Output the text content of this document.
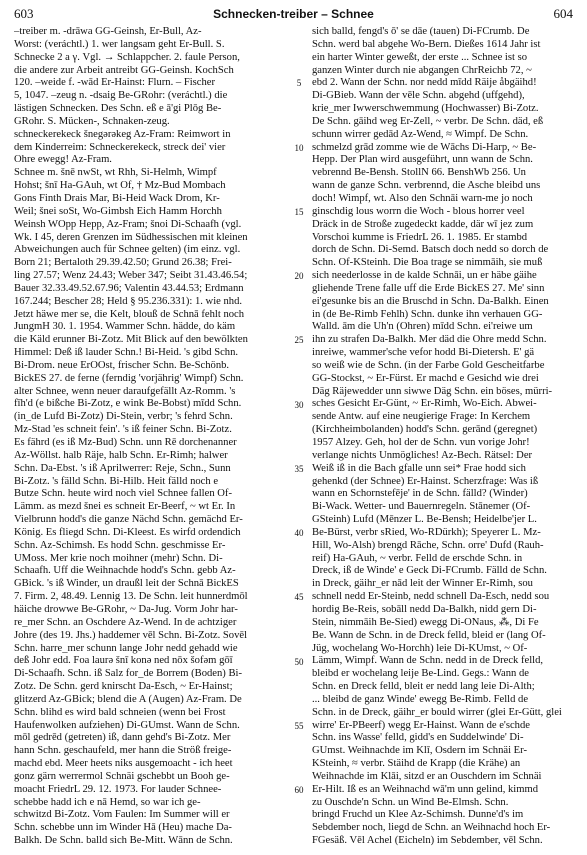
603	Schnecken-treiber – Schnee	604
–treiber m. -drāwa GG-Geinsh, Er-Bull, Az-
Worst: (veráchtl.) 1. wer langsam geht Er-Bull. S.
Schnecke 2 a γ. Vgl. → Schlappcher. 2. faule Person,
die andere zur Arbeit antreibt GG-Geinsh. KochSch
120. –weide f. -wād Er-Hainst: Flurn. – Fischer
5, 1047. –zeug n. -dsaig Be-GRohr: (veráchtl.) die
lästigen Schnecken. Des Schn. eß e ā'gi Plōg Be-
GRohr. S. Mücken-, Schnaken-zeug.
schneckerekeck šnegərəkeg Az-Fram: Reimwort in
dem Kinderreim: Schneckerekeck, streck dei' vier
Ohre eweggǃ Az-Fram.
Schnee m. šnē nwSt, wt Rhh, Si-Helmh, Wimpf
Hohst; šnī Ha-GAuh, wt Of, † Mz-Bud Mombach
Gons Finth Drais Mar, Bi-Heid Wack Drom, Kr-
Weil; šnei soSt, Wo-Gimbsh Eich Hamm Horchh
Weinsh WOpp Hepp, Az-Fram; šnoi Di-Schaafh (vgl.
Wk. I 45, deren Grenzen im Südhessischen mit kleinen
Abweichungen auch für Schnee gelten) (im einz. vgl.
Born 21; Bertaloth 29.39.42.50; Grund 26.38; Frei-
ling 27.57; Wenz 24.43; Weber 347; Seibt 31.43.46.54;
Bauer 32.33.49.52.67.96; Valentin 43.44.53; Erdmann
167.244; Bescher 28; Held § 95.236.331): 1. wie nhd.
Jetzt häwe mer se, die Kelt, blouß de Schnā fehlt noch
JungmH 30. 1. 1954. Wammer Schn. hädde, do käm
die Käld erunner Bi-Zotz. Mit Blick auf den bewölkten
Himmel: Deß iß lauder Schn.! Bi-Heid. 's gibd Schn.
Bi-Drom. neue ErOOst, frischer Schn. Be-Schönb.
BickES 27. de ferne (ferndig 'vorjährig' Wimpf) Schn.
alter Schnee, wenn neuer daraufgefällt Az-Romm. 's
fīh'd (e bißche Bi-Zotz, e wink Be-Bobst) mīdd Schn.
(in_de Lufd Bi-Zotz) Di-Stein, verbr; 's fehrd Schn.
Mz-Stad 'es schneit fein'. 's iß feiner Schn. Bi-Zotz.
Es fährd (es iß Mz-Bud) Schn. unn Rē dorchenanner
Az-Wöllst. halb Räje, halb Schn. Er-Rimh; halwer
Schn. Da-Ebst. 's iß Aprilwerrer: Reje, Schn., Sunn
Bi-Zotz. 's fälld Schn. Bi-Hilb. Heit fälld noch e
Butze Schn. heute wird noch viel Schnee fallen Of-
Lämm. as mezd šnei es schneit Er-Beerf, ~ wt Er. In
Vielbrunn hodd's die ganze Nächd Schn. gemächd Er-
König. Es fliegd Schn. Di-Kleest. Es wirfd ordendich
Schn. Az-Schimsh. Es hodd Schn. geschmisse Er-
UMoss. Mer krie noch moihner (mehr) Schn. Di-
Schaafh. Uff die Weihnachde hodd's Schn. gebb Az-
GBick. 's iß Winder, un draußl leit der Schnā BickES
7. Firm. 2, 48.49. Lennig 13. De Schn. leit hunnerdmōl
häiche drowwe Be-GRohr, ~ Da-Jug. Vorm Johr har-
re_mer Schn. an Oschdere Az-Wend. In de achtziger
Johre (des 19. Jhs.) haddemer vēl Schn. Bi-Zotz. Sovēl
Schn. harre_mer schunn lange Johr nedd gehadd wie
deß Johr edd. Foa laurə šnī konə ned nōx šofəm gōī
Di-Schaafh. Schn. iß Salz for_de Borrem (Boden) Bi-
Zotz. De Schn. gerd knirscht Da-Esch, ~ Er-Hainst;
glitzerd Az-GBick; blend die A (Augen) Az-Fram. De
Schn. blihd es wird bald schneien (wenn bei Frost
Haufenwolken aufziehen) Di-GUmst. Wann de Schn.
mōl gedrēd (getreten) iß, dann gehd's Bi-Zotz. Mer
hann Schn. geschaufeld, mer hann die Ströß freige-
machd ebd. Meer heets niks ausgemoacht - ich heet
gonz gärn werrermol Schnäi gschebbt un Booh ge-
moacht FriedrL 29. 12. 1973. For lauder Schnee-
schebbe hadd ich e nā Hemd, so war ich ge-
schwitzd Bi-Zotz. Vom Faulen: Im Summer will er
Schn. schebbe unn im Winder Hā (Heu) mache Da-
Balkh. De Schn. balld sich Be-Mitt. Wānn de Schn.
5
10
15
20
25
30
35
40
45
50
55
60
sich balld, fengd's ō' se dāe (tauen) Di-FCrumb. De
Schn. werd bal abgehe Wo-Bern. Dießes 1614 Jahr ist
ein harter Winter geweßt, der erste ... Schnee ist so
ganzen Winter durch nie abgangen ChrReichb 72, ~
ebd 2. Wann der Schn. nor nedd mīdd Räije åbgäihd!
Di-GBieb. Wann der vēle Schn. abgehd (uffgehd),
krie_mer Iwwerschwemmung (Hochwasser) Bi-Zotz.
De Schn. gāihd weg Er-Zell, ~ verbr. De Schn. däd, eß
schunn wirrer gedād Az-Wend, ≈ Wimpf. De Schn.
schmelzd grād zomme wie de Wāchs Di-Harp, ~ Be-
Hepp. Der Plan wird ausgeführt, unn wann de Schn.
vebrennd Be-Bensh. StollN 66. BenshWb 256. Un
wann de ganze Schn. verbrennd, die Asche bleibd uns
doch! Wimpf, wt. Also den Schnāi warn-me jo noch
ginschdig lous worrn die Woch - blous horrer veel
Dräck in de Stroße zugedeckt kadde, där wī jez zum
Vorschoi kumme is FriedrL 26. 1. 1985. Er stambd
dorch de Schn. Di-Semd. Batsch doch nedd so dorch de
Schn. Of-KSteinh. Die Boa trage se nimmāih, sie muß
sich neederlosse in de kalde Schnāi, un er häbe gäihe
gliehende Trene falle uff die Erde BickES 27. Me' sinn
ei'gesunke bis an die Bruschd in Schn. Da-Balkh. Einen
in (de Be-Rimb Fehlh) Schn. dunke ihn verhauen GG-
Walld. ām die Uh'n (Ohren) mīdd Schn. ei'reiwe um
ihn zu strafen Da-Balkh. Mer däd die Ohre medd Schn.
inreiwe, wammer'sche vefor hodd Bi-Dietersh. E' gä
so weiß wie de Schn. (in der Farbe Gold Gescheitfarbe
GG-Stockst, ~ Er-Fürst. Er machd e Gesichd wie drei
Däg Räjewedder unn siwwe Däg Schn. ein böses, mürri-
sches Gesicht Er-Günt, ~ Er-Rimh, Wo-Eich. Abwei-
sende Antw. auf eine neugierige Frage: In Kerchem
(Kirchheimbolanden) hodd's Schn. gerānd (geregnet)
1957 Alzey. Geh, hol der de Schn. vun vorige Johr!
verlange nichts Unmögliches! Az-Bech. Rätsel: Der
Weiß iß in die Bach gfalle unn sei* Frae hodd sich
gehenkd (der Schnee) Er-Hainst. Scherzfrage: Was iß
wann en Schornstefēje' in de Schn. fälld? (Winder)
Bi-Wack. Wetter- und Bauernregeln. Stānemer (Of-
GSteinh) Lufd (Mēnzer L. Be-Bensh; Heidelbe'jer L.
Be-Bürst, verbr sRied, Wo-RDürkh); Speyerer L. Mz-
Hill, Wo-Alsh) brengd Rāche, Schn. orre' Dufd (Rauh-
reif) Ha-GAuh, ~ verbr. Felld de erschde Schn. in
Dreck, iß de Winde' e Geck Di-FCrumb. Fälld de Schn.
in Dreck, gäihr_er nād leit der Winner Er-Rimh, sou
schnell nedd Er-Steinb, nedd schnell Da-Esch, nedd sou
hordig Be-Reis, sobāll nedd Da-Balkh, nidd gern Di-
Stein, nimmāih Be-Sied) ewegg Di-ONaus, ⁂, Di Fe
Be. Wann de Schn. in de Dreck felld, bleid er (lang Of-
Jüg, wochelang Wo-Horchh) leie Di-KUmst, ~ Of-
Lämm, Wimpf. Wann de Schn. nedd in de Dreck felld,
bleibd er wochelang leije Be-Lind. Gegs.: Wann de
Schn. en Dreck felld, bleit er nedd lang leie Di-Alth;
... bleibd de ganz Winde' ewegg Be-Rimb. Felld de
Schn. in de Dreck, gäihr_er bould wirrer (glei Er-Gütt, glei
wirre' Er-PBeerf) wegg Er-Hainst. Wann de e'schde
Schn. ins Wasse' felld, gidd's en Suddelwinde' Di-
GUmst. Weihnachde im Klī, Osdern im Schnäi Er-
KSteinh, ≈ verbr. Stäihd de Krapp (die Krähe) an
Weihnachde im Klāi, sitzd er an Ouschdern im Schnäi
Er-Hilt. Iß es an Weihnachd wā'm unn gelind, kimmd
zu Ouschde'n Schn. un Wind Be-Elmsh. Schn.
bringd Fruchd un Klee Az-Schimsh. Dunne'd's im
Sebdember noch, liegd de Schn. an Weihnachd hoch Er-
FGesäß. Vēl Achel (Eicheln) im Sebdember, vēl Schn.
